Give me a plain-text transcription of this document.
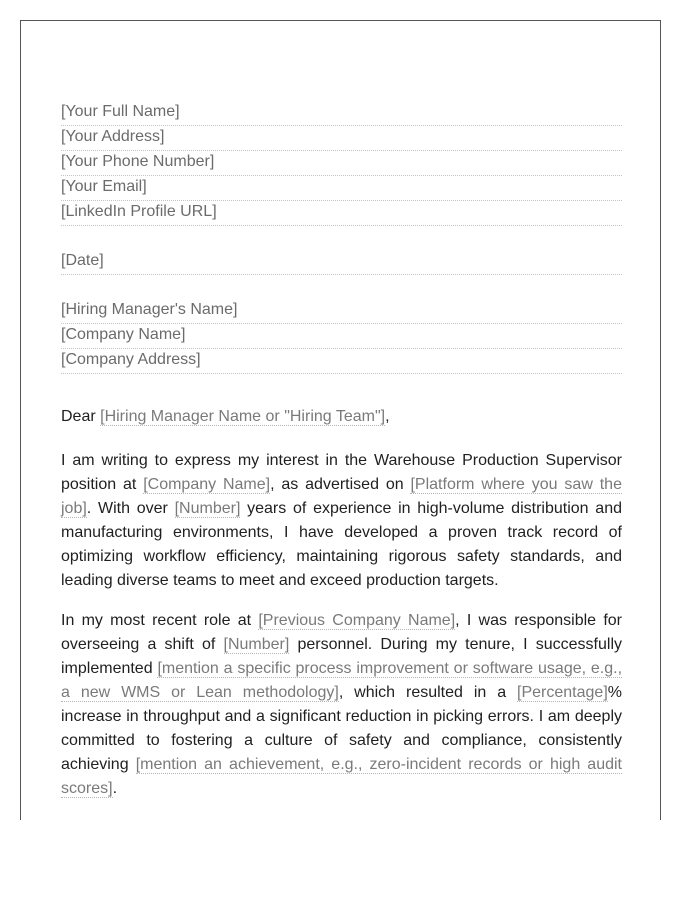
[Your Full Name]
[Your Address]
[Your Phone Number]
[Your Email]
[LinkedIn Profile URL]
[Date]
[Hiring Manager's Name]
[Company Name]
[Company Address]
Dear [Hiring Manager Name or "Hiring Team"],

I am writing to express my interest in the Warehouse Production Supervisor position at [Company Name], as advertised on [Platform where you saw the job]. With over [Number] years of experience in high-volume distribution and manufacturing environments, I have developed a proven track record of optimizing workflow efficiency, maintaining rigorous safety standards, and leading diverse teams to meet and exceed production targets.

In my most recent role at [Previous Company Name], I was responsible for overseeing a shift of [Number] personnel. During my tenure, I successfully implemented [mention a specific process improvement or software usage, e.g., a new WMS or Lean methodology], which resulted in a [Percentage]% increase in throughput and a significant reduction in picking errors. I am deeply committed to fostering a culture of safety and compliance, consistently achieving [mention an achievement, e.g., zero-incident records or high audit scores].
